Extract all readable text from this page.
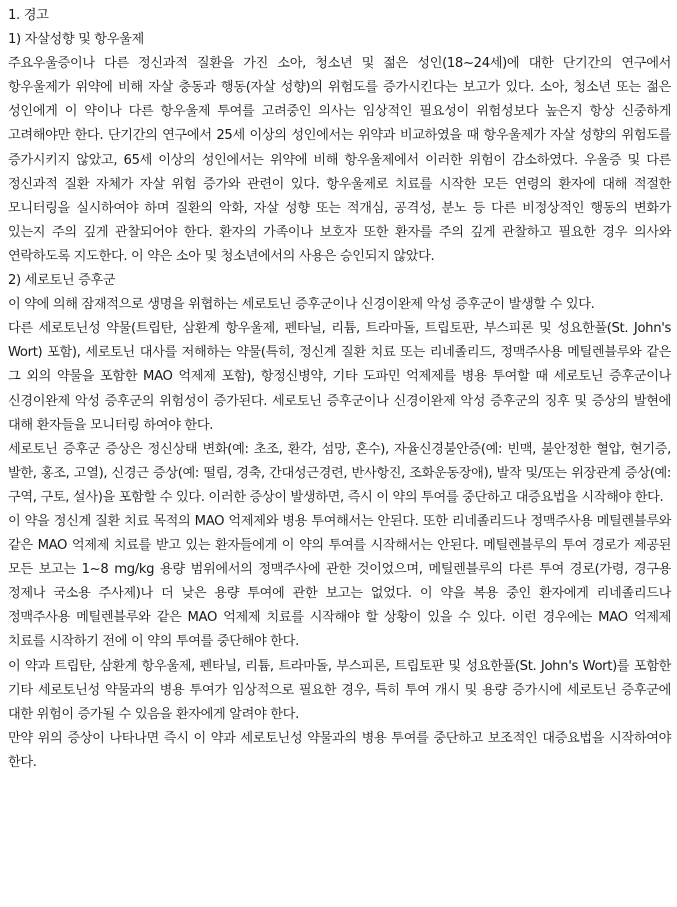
1. 경고
1) 자살성향 및 항우울제

주요우울증이나 다른 정신과적 질환을 가진 소아, 청소년 및 젊은 성인(18~24세)에 대한 단기간의 연구에서 항우울제가 위약에 비해 자살 충동과 행동(자살 성향)의 위험도를 증가시킨다는 보고가 있다. 소아, 청소년 또는 젊은 성인에게 이 약이나 다른 항우울제 투여를 고려중인 의사는 임상적인 필요성이 위험성보다 높은지 항상 신중하게 고려해야만 한다. 단기간의 연구에서 25세 이상의 성인에서는 위약과 비교하였을 때 항우울제가 자살 성향의 위험도를 증가시키지 않았고, 65세 이상의 성인에서는 위약에 비해 항우울제에서 이러한 위험이 감소하였다. 우울증 및 다른 정신과적 질환 자체가 자살 위험 증가와 관련이 있다. 항우울제로 치료를 시작한 모든 연령의 환자에 대해 적절한 모니터링을 실시하여야 하며 질환의 악화, 자살 성향 또는 적개심, 공격성, 분노 등 다른 비정상적인 행동의 변화가 있는지 주의 깊게 관찰되어야 한다. 환자의 가족이나 보호자 또한 환자를 주의 깊게 관찰하고 필요한 경우 의사와 연락하도록 지도한다. 이 약은 소아 및 청소년에서의 사용은 승인되지 않았다.

2) 세로토닌 증후군

이 약에 의해 잠재적으로 생명을 위협하는 세로토닌 증후군이나 신경이완제 악성 증후군이 발생할 수 있다.

다른 세로토닌성 약물(트립탄, 삼환계 항우울제, 펜타닐, 리튬, 트라마돌, 트립토판, 부스피론 및 성요한풀(St. John's Wort) 포함), 세로토닌 대사를 저해하는 약물(특히, 정신계 질환 치료 또는 리네졸리드, 정맥주사용 메틸렌블루와 같은 그 외의 약물을 포함한 MAO 억제제 포함), 항정신병약, 기타 도파민 억제제를 병용 투여할 때 세로토닌 증후군이나 신경이완제 악성 증후군의 위험성이 증가된다. 세로토닌 증후군이나 신경이완제 악성 증후군의 징후 및 증상의 발현에 대해 환자들을 모니터링 하여야 한다.

세로토닌 증후군 증상은 정신상태 변화(예: 초조, 환각, 섬망, 혼수), 자율신경불안증(예: 빈맥, 불안정한 혈압, 현기증, 발한, 홍조, 고열), 신경근 증상(예: 떨림, 경축, 간대성근경련, 반사항진, 조화운동장애), 발작 및/또는 위장관계 증상(예: 구역, 구토, 설사)을 포함할 수 있다. 이러한 증상이 발생하면, 즉시 이 약의 투여를 중단하고 대증요법을 시작해야 한다.

이 약을 정신계 질환 치료 목적의 MAO 억제제와 병용 투여해서는 안된다. 또한 리네졸리드나 정맥주사용 메틸렌블루와 같은 MAO 억제제 치료를 받고 있는 환자들에게 이 약의 투여를 시작해서는 안된다. 메틸렌블루의 투여 경로가 제공된 모든 보고는 1~8 mg/kg 용량 범위에서의 정맥주사에 관한 것이었으며, 메틸렌블루의 다른 투여 경로(가령, 경구용 정제나 국소용 주사제)나 더 낮은 용량 투여에 관한 보고는 없었다. 이 약을 복용 중인 환자에게 리네졸리드나 정맥주사용 메틸렌블루와 같은 MAO 억제제 치료를 시작해야 할 상황이 있을 수 있다. 이런 경우에는 MAO 억제제 치료를 시작하기 전에 이 약의 투여를 중단해야 한다.

이 약과 트립탄, 삼환계 항우울제, 펜타닐, 리튬, 트라마돌, 부스피론, 트립토판 및 성요한풀(St. John's Wort)를 포함한 기타 세로토닌성 약물과의 병용 투여가 임상적으로 필요한 경우, 특히 투여 개시 및 용량 증가시에 세로토닌 증후군에 대한 위험이 증가될 수 있음을 환자에게 알려야 한다.

만약 위의 증상이 나타나면 즉시 이 약과 세로토닌성 약물과의 병용 투여를 중단하고 보조적인 대증요법을 시작하여야 한다.
